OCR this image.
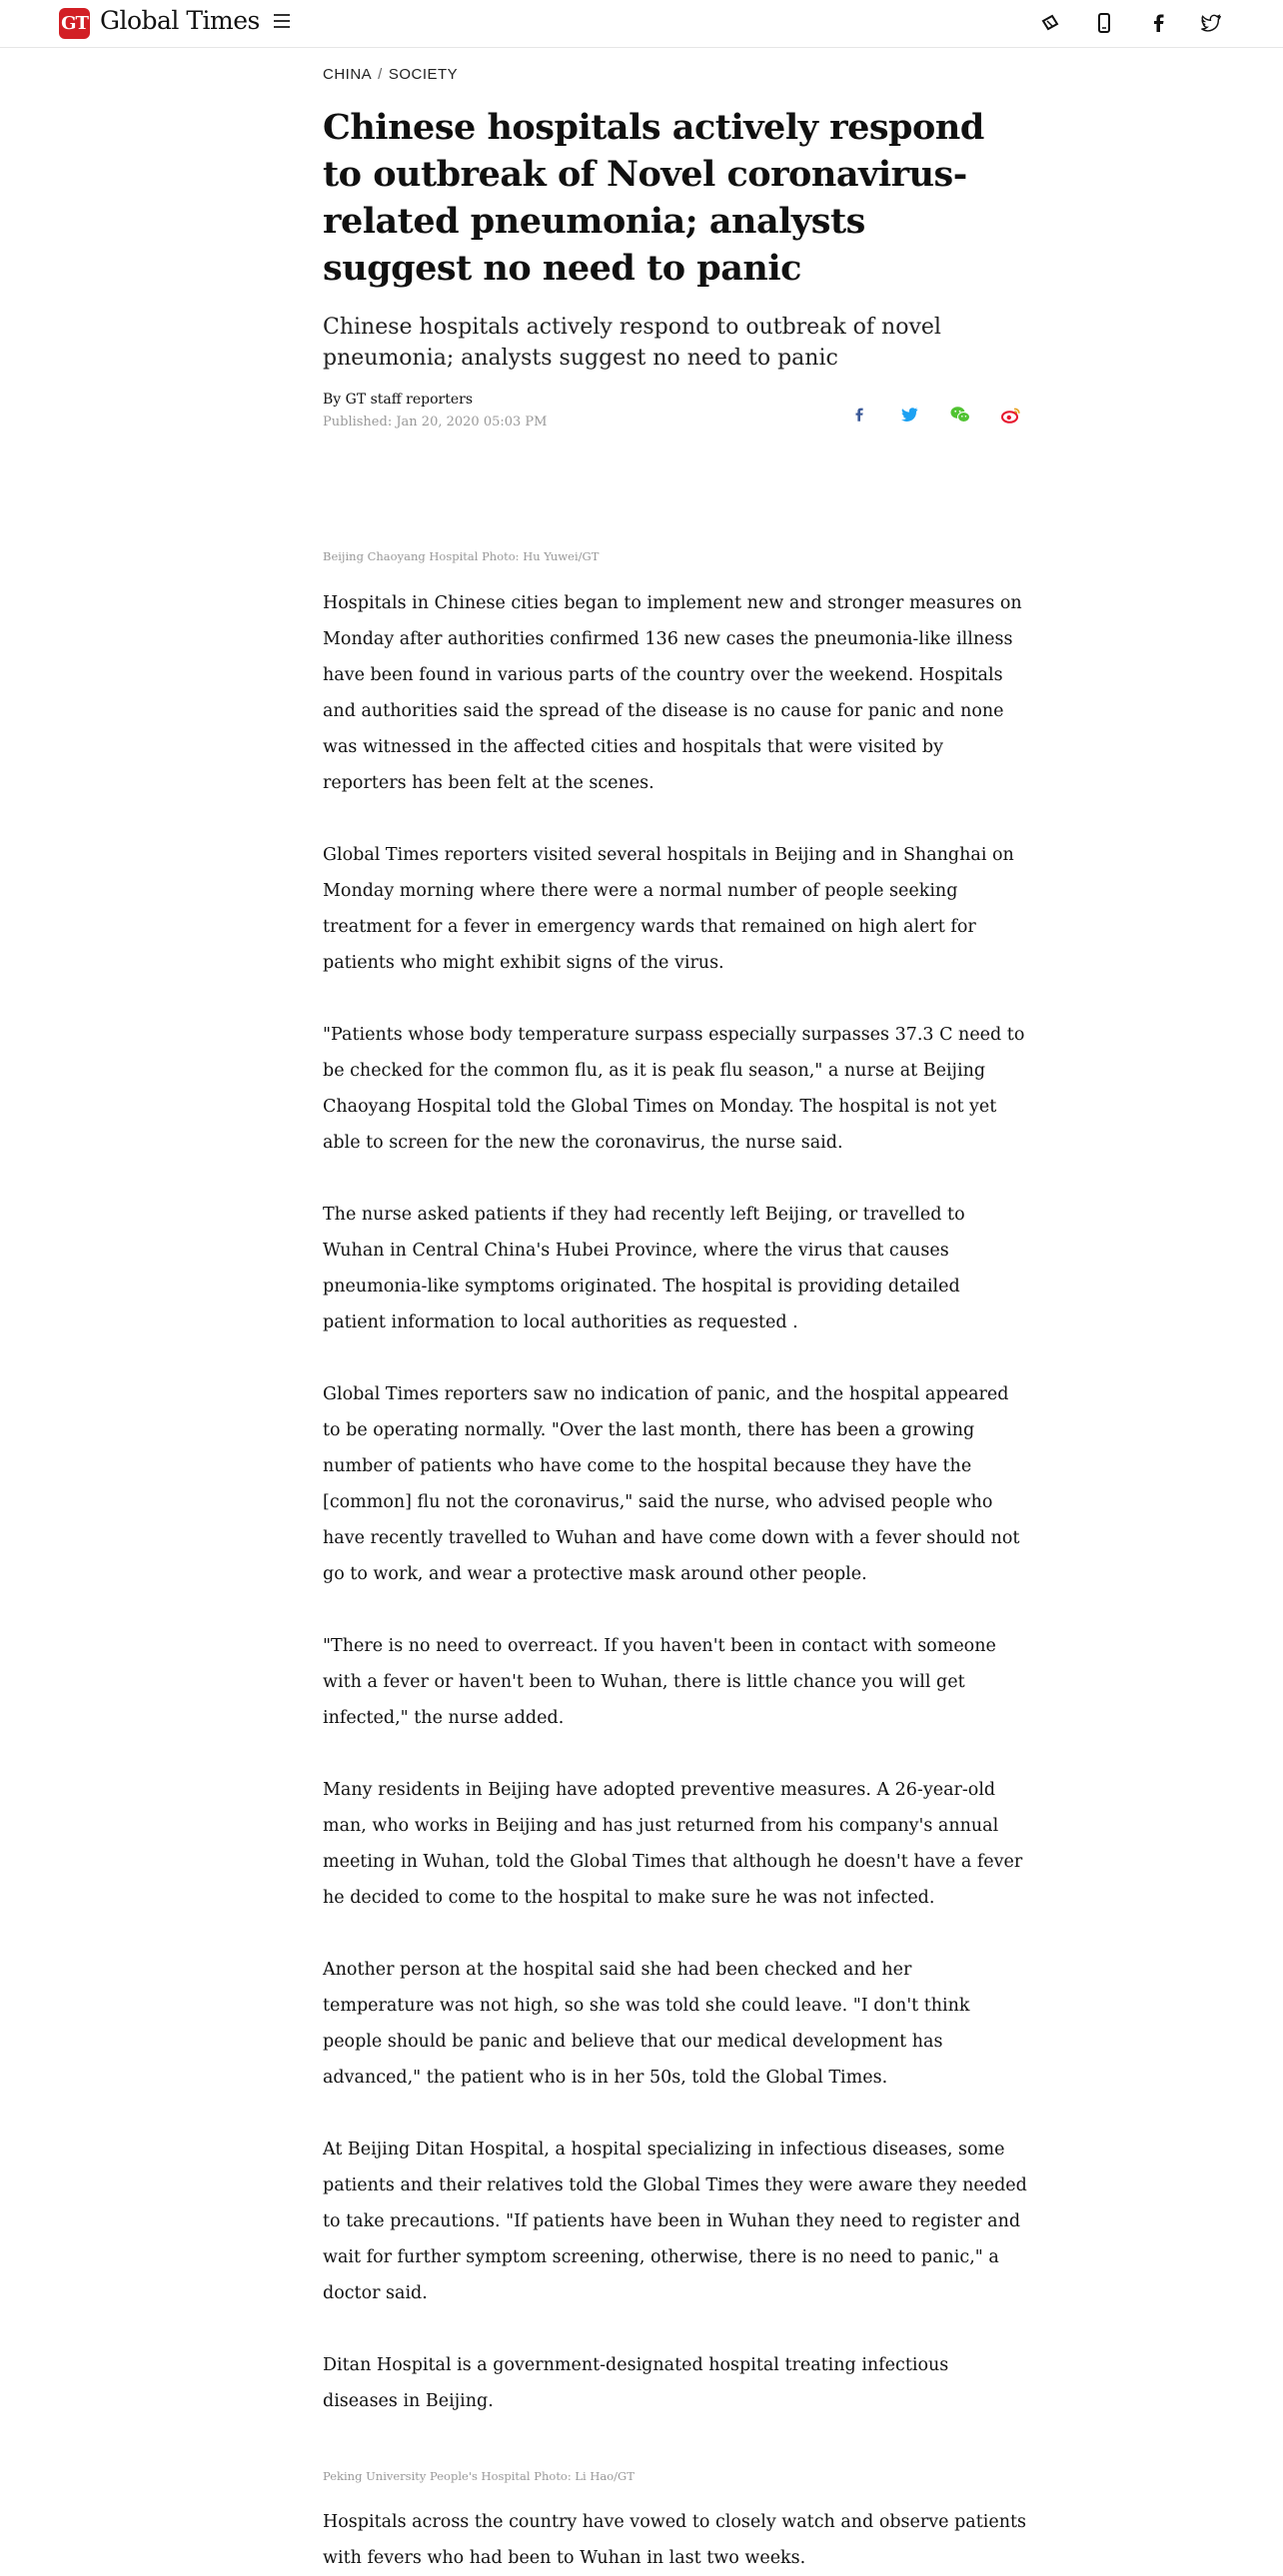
GT Global Times
CHINA / SOCIETY
Chinese hospitals actively respond to outbreak of Novel coronavirus-related pneumonia; analysts suggest no need to panic
Chinese hospitals actively respond to outbreak of novel pneumonia; analysts suggest no need to panic
By GT staff reporters
Published: Jan 20, 2020 05:03 PM
Beijing Chaoyang Hospital Photo: Hu Yuwei/GT

Hospitals in Chinese cities began to implement new and stronger measures on Monday after authorities confirmed 136 new cases the pneumonia-like illness have been found in various parts of the country over the weekend. Hospitals and authorities said the spread of the disease is no cause for panic and none was witnessed in the affected cities and hospitals that were visited by reporters has been felt at the scenes.

Global Times reporters visited several hospitals in Beijing and in Shanghai on Monday morning where there were a normal number of people seeking treatment for a fever in emergency wards that remained on high alert for patients who might exhibit signs of the virus.

"Patients whose body temperature surpass especially surpasses 37.3 C need to be checked for the common flu, as it is peak flu season," a nurse at Beijing Chaoyang Hospital told the Global Times on Monday. The hospital is not yet able to screen for the new the coronavirus, the nurse said.

The nurse asked patients if they had recently left Beijing, or travelled to Wuhan in Central China's Hubei Province, where the virus that causes pneumonia-like symptoms originated. The hospital is providing detailed patient information to local authorities as requested .

Global Times reporters saw no indication of panic, and the hospital appeared to be operating normally. "Over the last month, there has been a growing number of patients who have come to the hospital because they have the [common] flu not the coronavirus," said the nurse, who advised people who have recently travelled to Wuhan and have come down with a fever should not go to work, and wear a protective mask around other people.

"There is no need to overreact. If you haven't been in contact with someone with a fever or haven't been to Wuhan, there is little chance you will get infected," the nurse added.

Many residents in Beijing have adopted preventive measures. A 26-year-old man, who works in Beijing and has just returned from his company's annual meeting in Wuhan, told the Global Times that although he doesn't have a fever he decided to come to the hospital to make sure he was not infected.

Another person at the hospital said she had been checked and her temperature was not high, so she was told she could leave. "I don't think people should be panic and believe that our medical development has advanced," the patient who is in her 50s, told the Global Times.

At Beijing Ditan Hospital, a hospital specializing in infectious diseases, some patients and their relatives told the Global Times they were aware they needed to take precautions. "If patients have been in Wuhan they need to register and wait for further symptom screening, otherwise, there is no need to panic," a doctor said.

Ditan Hospital is a government-designated hospital treating infectious diseases in Beijing.

Peking University People's Hospital Photo: Li Hao/GT

Hospitals across the country have vowed to closely watch and observe patients with fevers who had been to Wuhan in last two weeks.
